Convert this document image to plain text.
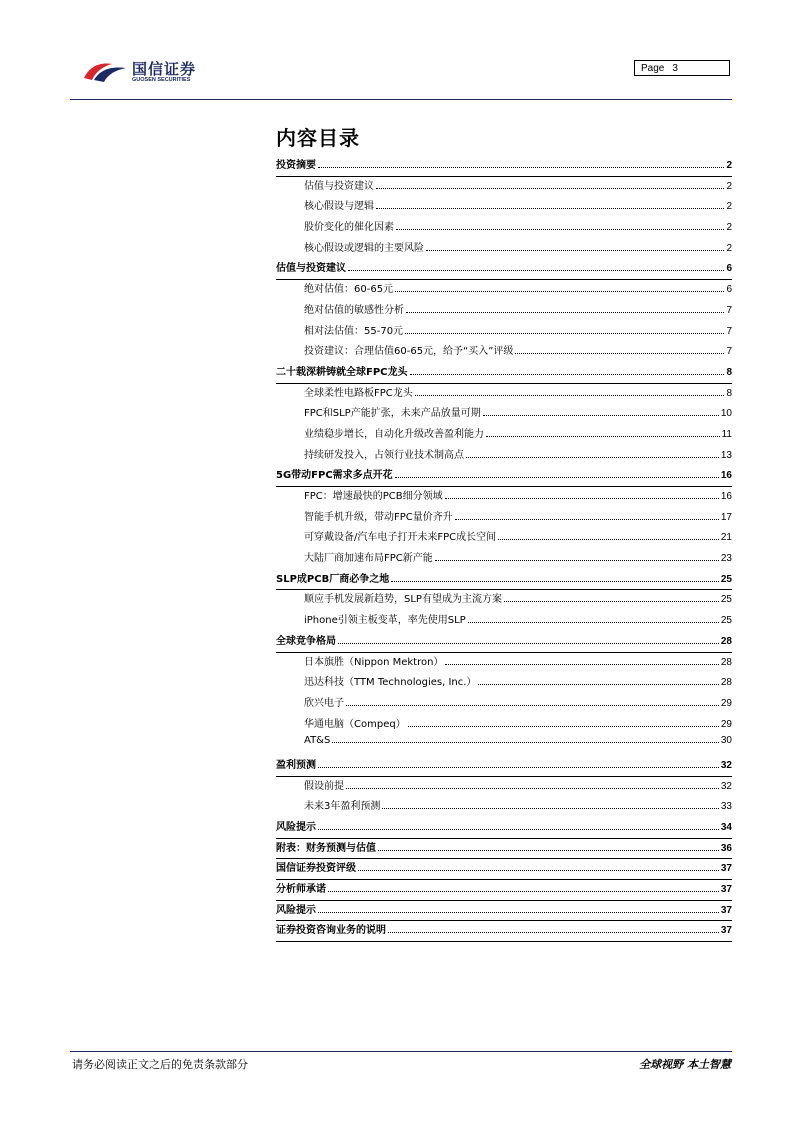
国信证券
GUOSEN SECURITIES
Page 3
内容目录
投资摘要	2
估值与投资建议	2
核心假设与逻辑	2
股价变化的催化因素	2
核心假设或逻辑的主要风险	2
估值与投资建议	6
绝对估值：60-65元	6
绝对估值的敏感性分析	7
相对法估值：55-70元	7
投资建议：合理估值60-65元，给予“买入”评级	7
二十载深耕铸就全球FPC龙头	8
全球柔性电路板FPC龙头	8
FPC和SLP产能扩张，未来产品放量可期	10
业绩稳步增长，自动化升级改善盈利能力	11
持续研发投入，占领行业技术制高点	13
5G带动FPC需求多点开花	16
FPC：增速最快的PCB细分领域	16
智能手机升级，带动FPC量价齐升	17
可穿戴设备/汽车电子打开未来FPC成长空间	21
大陆厂商加速布局FPC新产能	23
SLP成PCB厂商必争之地	25
顺应手机发展新趋势，SLP有望成为主流方案	25
iPhone引领主板变革，率先使用SLP	25
全球竞争格局	28
日本旗胜（Nippon Mektron）	28
迅达科技（TTM Technologies, Inc.）	28
欣兴电子	29
华通电脑（Compeq）	29
AT&S	30
盈利预测	32
假设前提	32
未来3年盈利预测	33
风险提示	34
附表：财务预测与估值	36
国信证券投资评级	37
分析师承诺	37
风险提示	37
证券投资咨询业务的说明	37
请务必阅读正文之后的免责条款部分	全球视野 本土智慧
